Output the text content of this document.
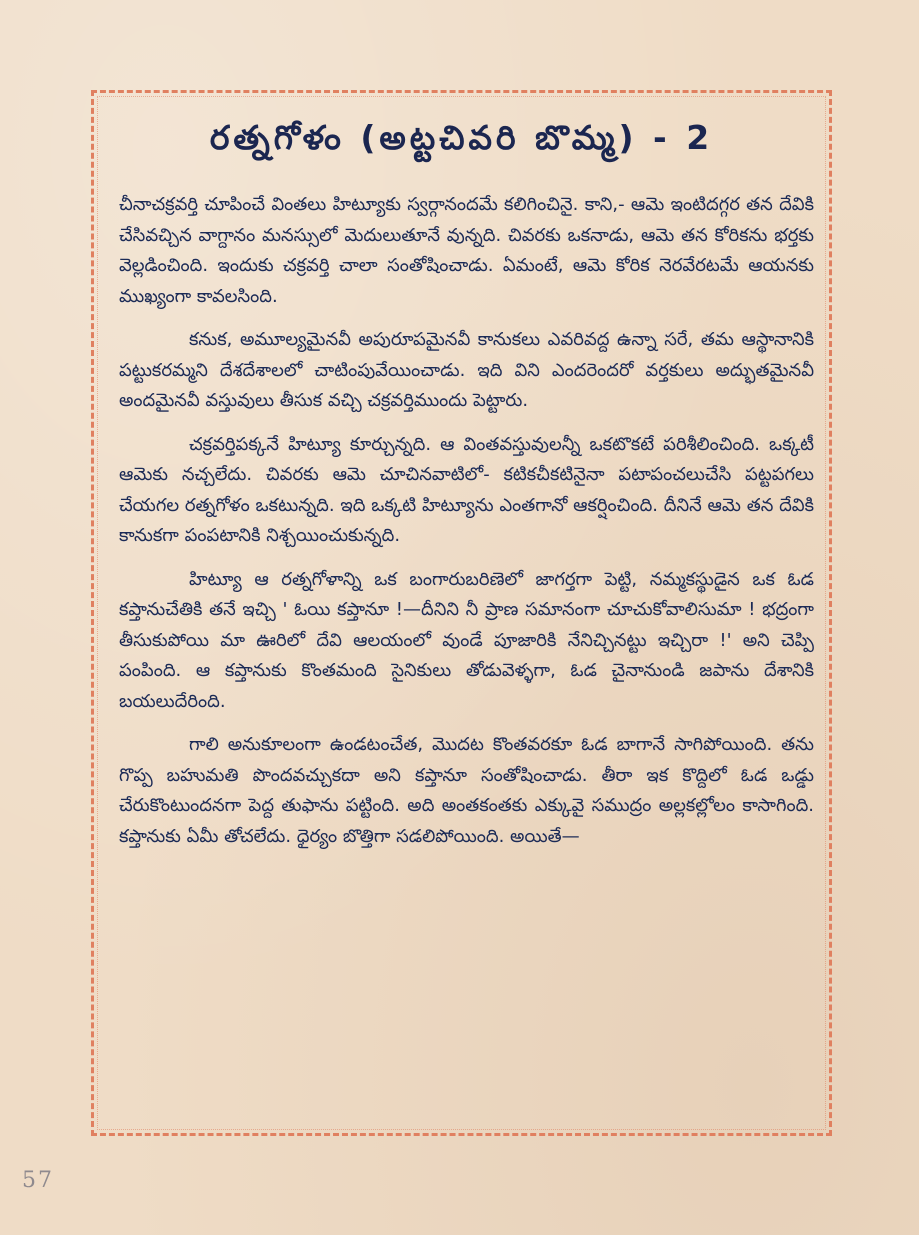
రత్నగోళం (అట్టచివరి బొమ్మ) - 2

చీనాచక్రవర్తి చూపించే వింతలు హిట్యూకు స్వర్గానందమే కలిగించినై. కాని,- ఆమె ఇంటిదగ్గర తన దేవికి చేసివచ్చిన వాగ్దానం మనస్సులో మెదులుతూనే వున్నది. చివరకు ఒకనాడు, ఆమె తన కోరికను భర్తకు వెల్లడించింది. ఇందుకు చక్రవర్తి చాలా సంతోషించాడు. ఏమంటే, ఆమె కోరిక నెరవేరటమే ఆయనకు ముఖ్యంగా కావలసింది.

కనుక, అమూల్యమైనవీ అపురూపమైనవీ కానుకలు ఎవరివద్ద ఉన్నా సరే, తమ ఆస్థానానికి పట్టుకరమ్మని దేశదేశాలలో చాటింపువేయించాడు. ఇది విని ఎందరెందరో వర్తకులు అద్భుతమైనవీ అందమైనవీ వస్తువులు తీసుక వచ్చి చక్రవర్తిముందు పెట్టారు.

చక్రవర్తిపక్కనే హిట్యూ కూర్చున్నది. ఆ వింతవస్తువులన్నీ ఒకటొకటే పరిశీలించింది. ఒక్కటీ ఆమెకు నచ్చలేదు. చివరకు ఆమె చూచినవాటిలో- కటికచీకటినైనా పటాపంచలుచేసి పట్టపగలు చేయగల రత్నగోళం ఒకటున్నది. ఇది ఒక్కటి హిట్యూను ఎంతగానో ఆకర్షించింది. దీనినే ఆమె తన దేవికి కానుకగా పంపటానికి నిశ్చయించుకున్నది.

హిట్యూ ఆ రత్నగోళాన్ని ఒక బంగారుబరిణెలో జాగర్తగా పెట్టి, నమ్మకస్థుడైన ఒక ఓడ కప్తానుచేతికి తనే ఇచ్చి ' ఓయి కప్తానూ !—దీనిని నీ ప్రాణ సమానంగా చూచుకోవాలిసుమా ! భద్రంగా తీసుకుపోయి మా ఊరిలో దేవి ఆలయంలో వుండే పూజారికి నేనిచ్చినట్టు ఇచ్చిరా !' అని చెప్పి పంపింది. ఆ కప్తానుకు కొంతమంది సైనికులు తోడువెళ్ళగా, ఓడ చైనానుండి జపాను దేశానికి బయలుదేరింది.

గాలి అనుకూలంగా ఉండటంచేత, మొదట కొంతవరకూ ఓడ బాగానే సాగిపోయింది. తను గొప్ప బహుమతి పొందవచ్చుకదా అని కప్తానూ సంతోషించాడు. తీరా ఇక కొద్దిలో ఓడ ఒడ్డు చేరుకొంటుందనగా పెద్ద తుఫాను పట్టింది. అది అంతకంతకు ఎక్కువై సముద్రం అల్లకల్లోలం కాసాగింది. కప్తానుకు ఏమీ తోచలేదు. ధైర్యం బొత్తిగా సడలిపోయింది. అయితే—

57
